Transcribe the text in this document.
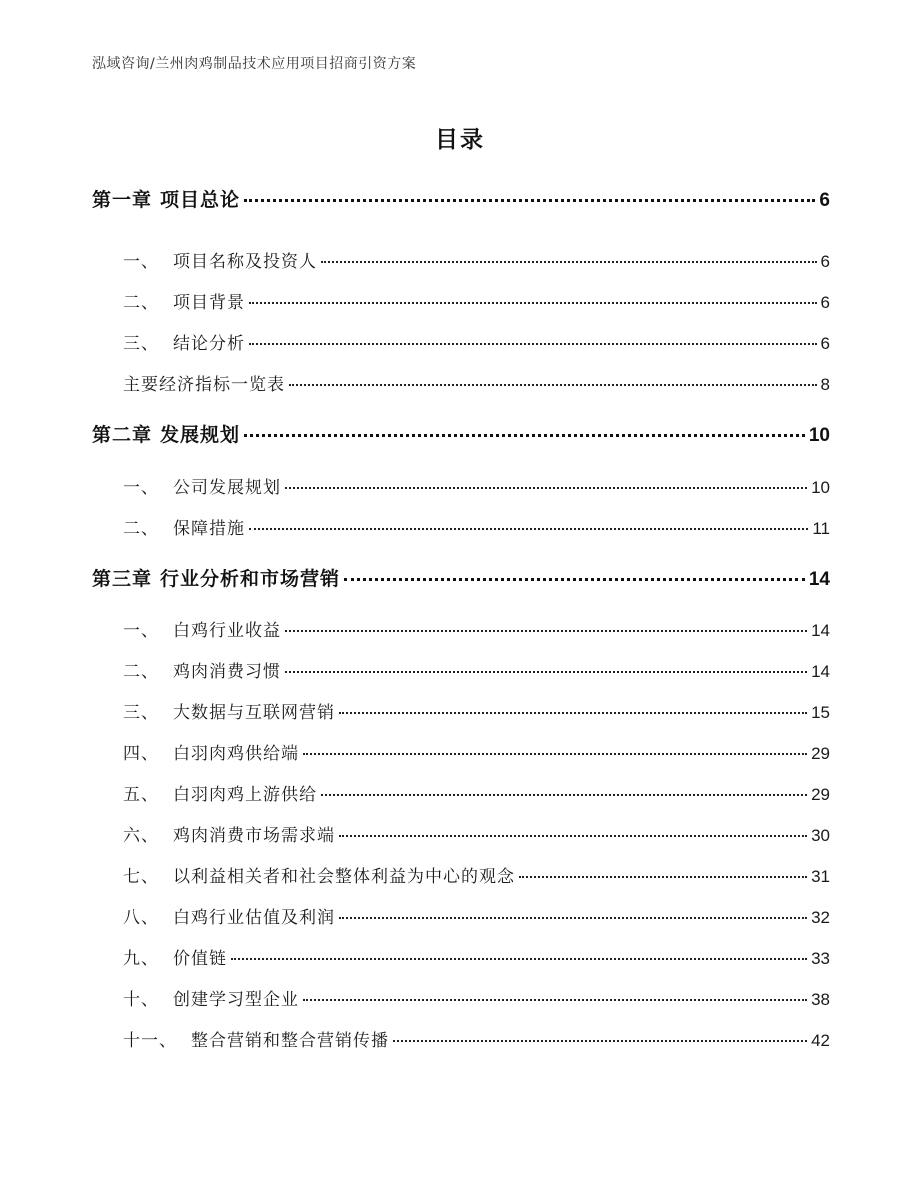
泓域咨询/兰州肉鸡制品技术应用项目招商引资方案
目录
第一章 项目总论	6
一、 项目名称及投资人	6
二、 项目背景	6
三、 结论分析	6
主要经济指标一览表	8
第二章 发展规划	10
一、 公司发展规划	10
二、 保障措施	11
第三章 行业分析和市场营销	14
一、 白鸡行业收益	14
二、 鸡肉消费习惯	14
三、 大数据与互联网营销	15
四、 白羽肉鸡供给端	29
五、 白羽肉鸡上游供给	29
六、 鸡肉消费市场需求端	30
七、 以利益相关者和社会整体利益为中心的观念	31
八、 白鸡行业估值及利润	32
九、 价值链	33
十、 创建学习型企业	38
十一、 整合营销和整合营销传播	42
